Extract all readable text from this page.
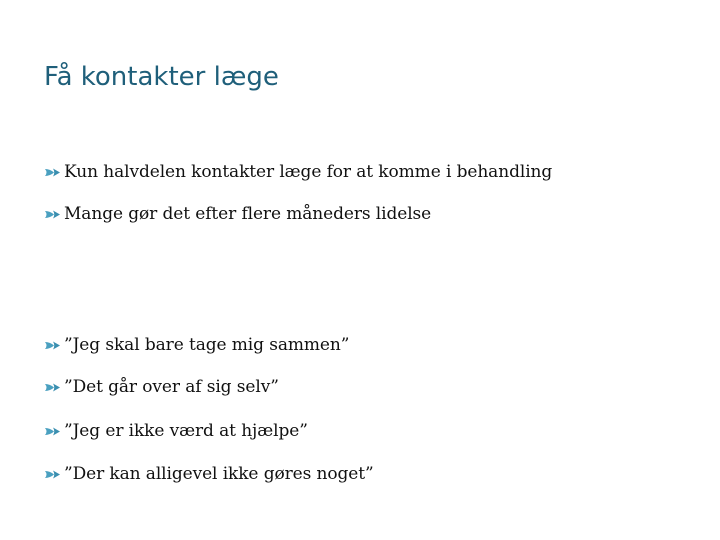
Få kontakter læge
Kun halvdelen kontakter læge for at komme i behandling
Mange gør det efter flere måneders lidelse
”Jeg skal bare tage mig sammen”
”Det går over af sig selv”
”Jeg er ikke værd at hjælpe”
”Der kan alligevel ikke gøres noget”
